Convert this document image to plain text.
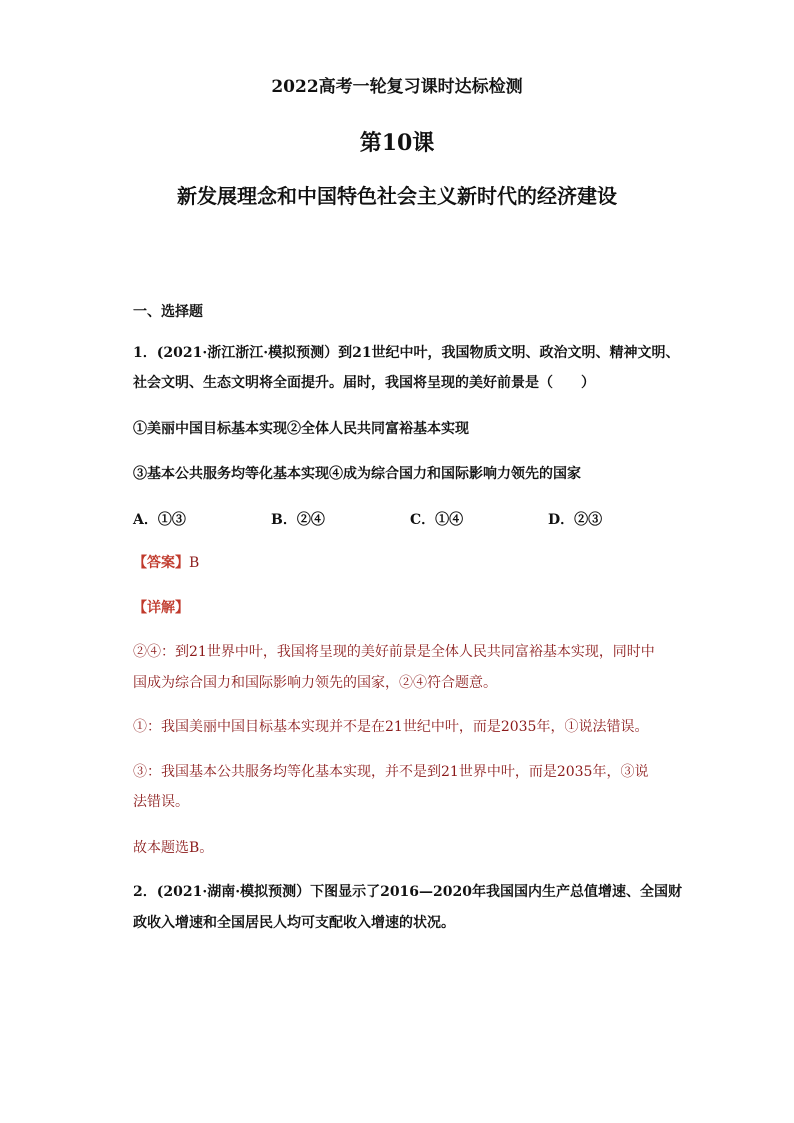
2022高考一轮复习课时达标检测
第10课
新发展理念和中国特色社会主义新时代的经济建设
一、选择题
1．(2021·浙江浙江·模拟预测）到21世纪中叶，我国物质文明、政治文明、精神文明、
社会文明、生态文明将全面提升。届时，我国将呈现的美好前景是（　　）
①美丽中国目标基本实现②全体人民共同富裕基本实现
③基本公共服务均等化基本实现④成为综合国力和国际影响力领先的国家
A．①③	B．②④	C．①④	D．②③
【答案】B
【详解】
②④：到21世界中叶，我国将呈现的美好前景是全体人民共同富裕基本实现，同时中
国成为综合国力和国际影响力领先的国家，②④符合题意。
①：我国美丽中国目标基本实现并不是在21世纪中叶，而是2035年，①说法错误。
③：我国基本公共服务均等化基本实现，并不是到21世界中叶，而是2035年，③说
法错误。
故本题选B。
2．(2021·湖南·模拟预测）下图显示了2016—2020年我国国内生产总值增速、全国财
政收入增速和全国居民人均可支配收入增速的状况。
